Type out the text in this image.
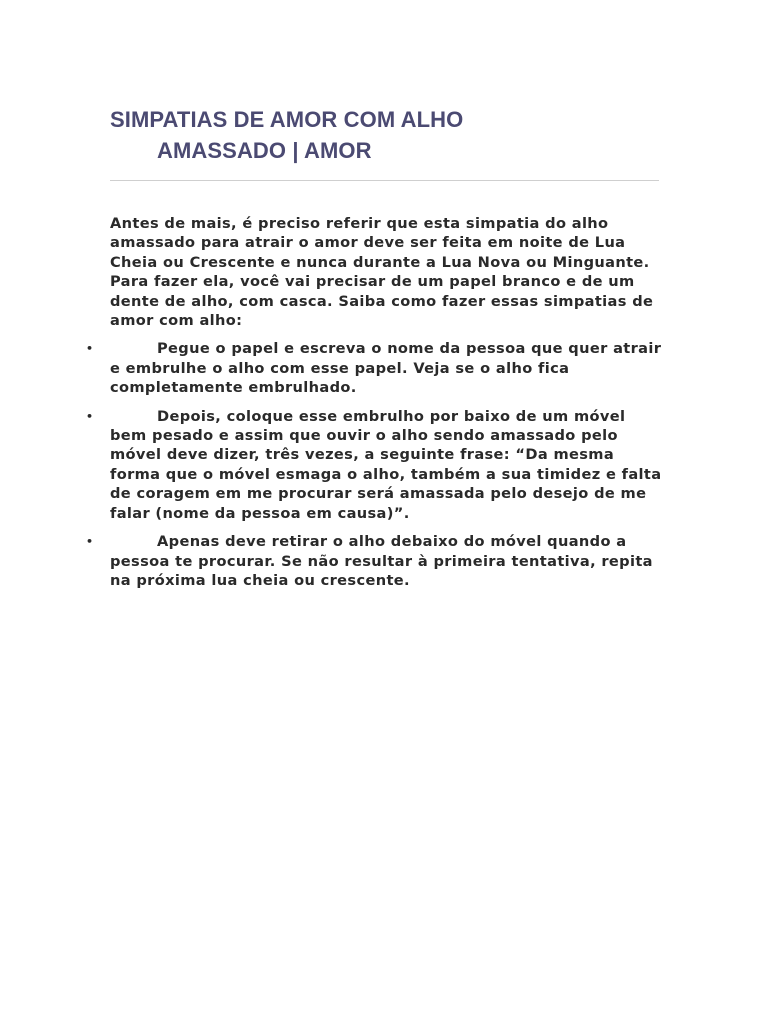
SIMPATIAS DE AMOR COM ALHO
AMASSADO | AMOR

Antes de mais, é preciso referir que esta simpatia do alho amassado para atrair o amor deve ser feita em noite de Lua Cheia ou Crescente e nunca durante a Lua Nova ou Minguante. Para fazer ela, você vai precisar de um papel branco e de um dente de alho, com casca. Saiba como fazer essas simpatias de amor com alho:

•	Pegue o papel e escreva o nome da pessoa que quer atrair e embrulhe o alho com esse papel. Veja se o alho fica completamente embrulhado.
•	Depois, coloque esse embrulho por baixo de um móvel bem pesado e assim que ouvir o alho sendo amassado pelo móvel deve dizer, três vezes, a seguinte frase: “Da mesma forma que o móvel esmaga o alho, também a sua timidez e falta de coragem em me procurar será amassada pelo desejo de me falar (nome da pessoa em causa)”.
•	Apenas deve retirar o alho debaixo do móvel quando a pessoa te procurar. Se não resultar à primeira tentativa, repita na próxima lua cheia ou crescente.
